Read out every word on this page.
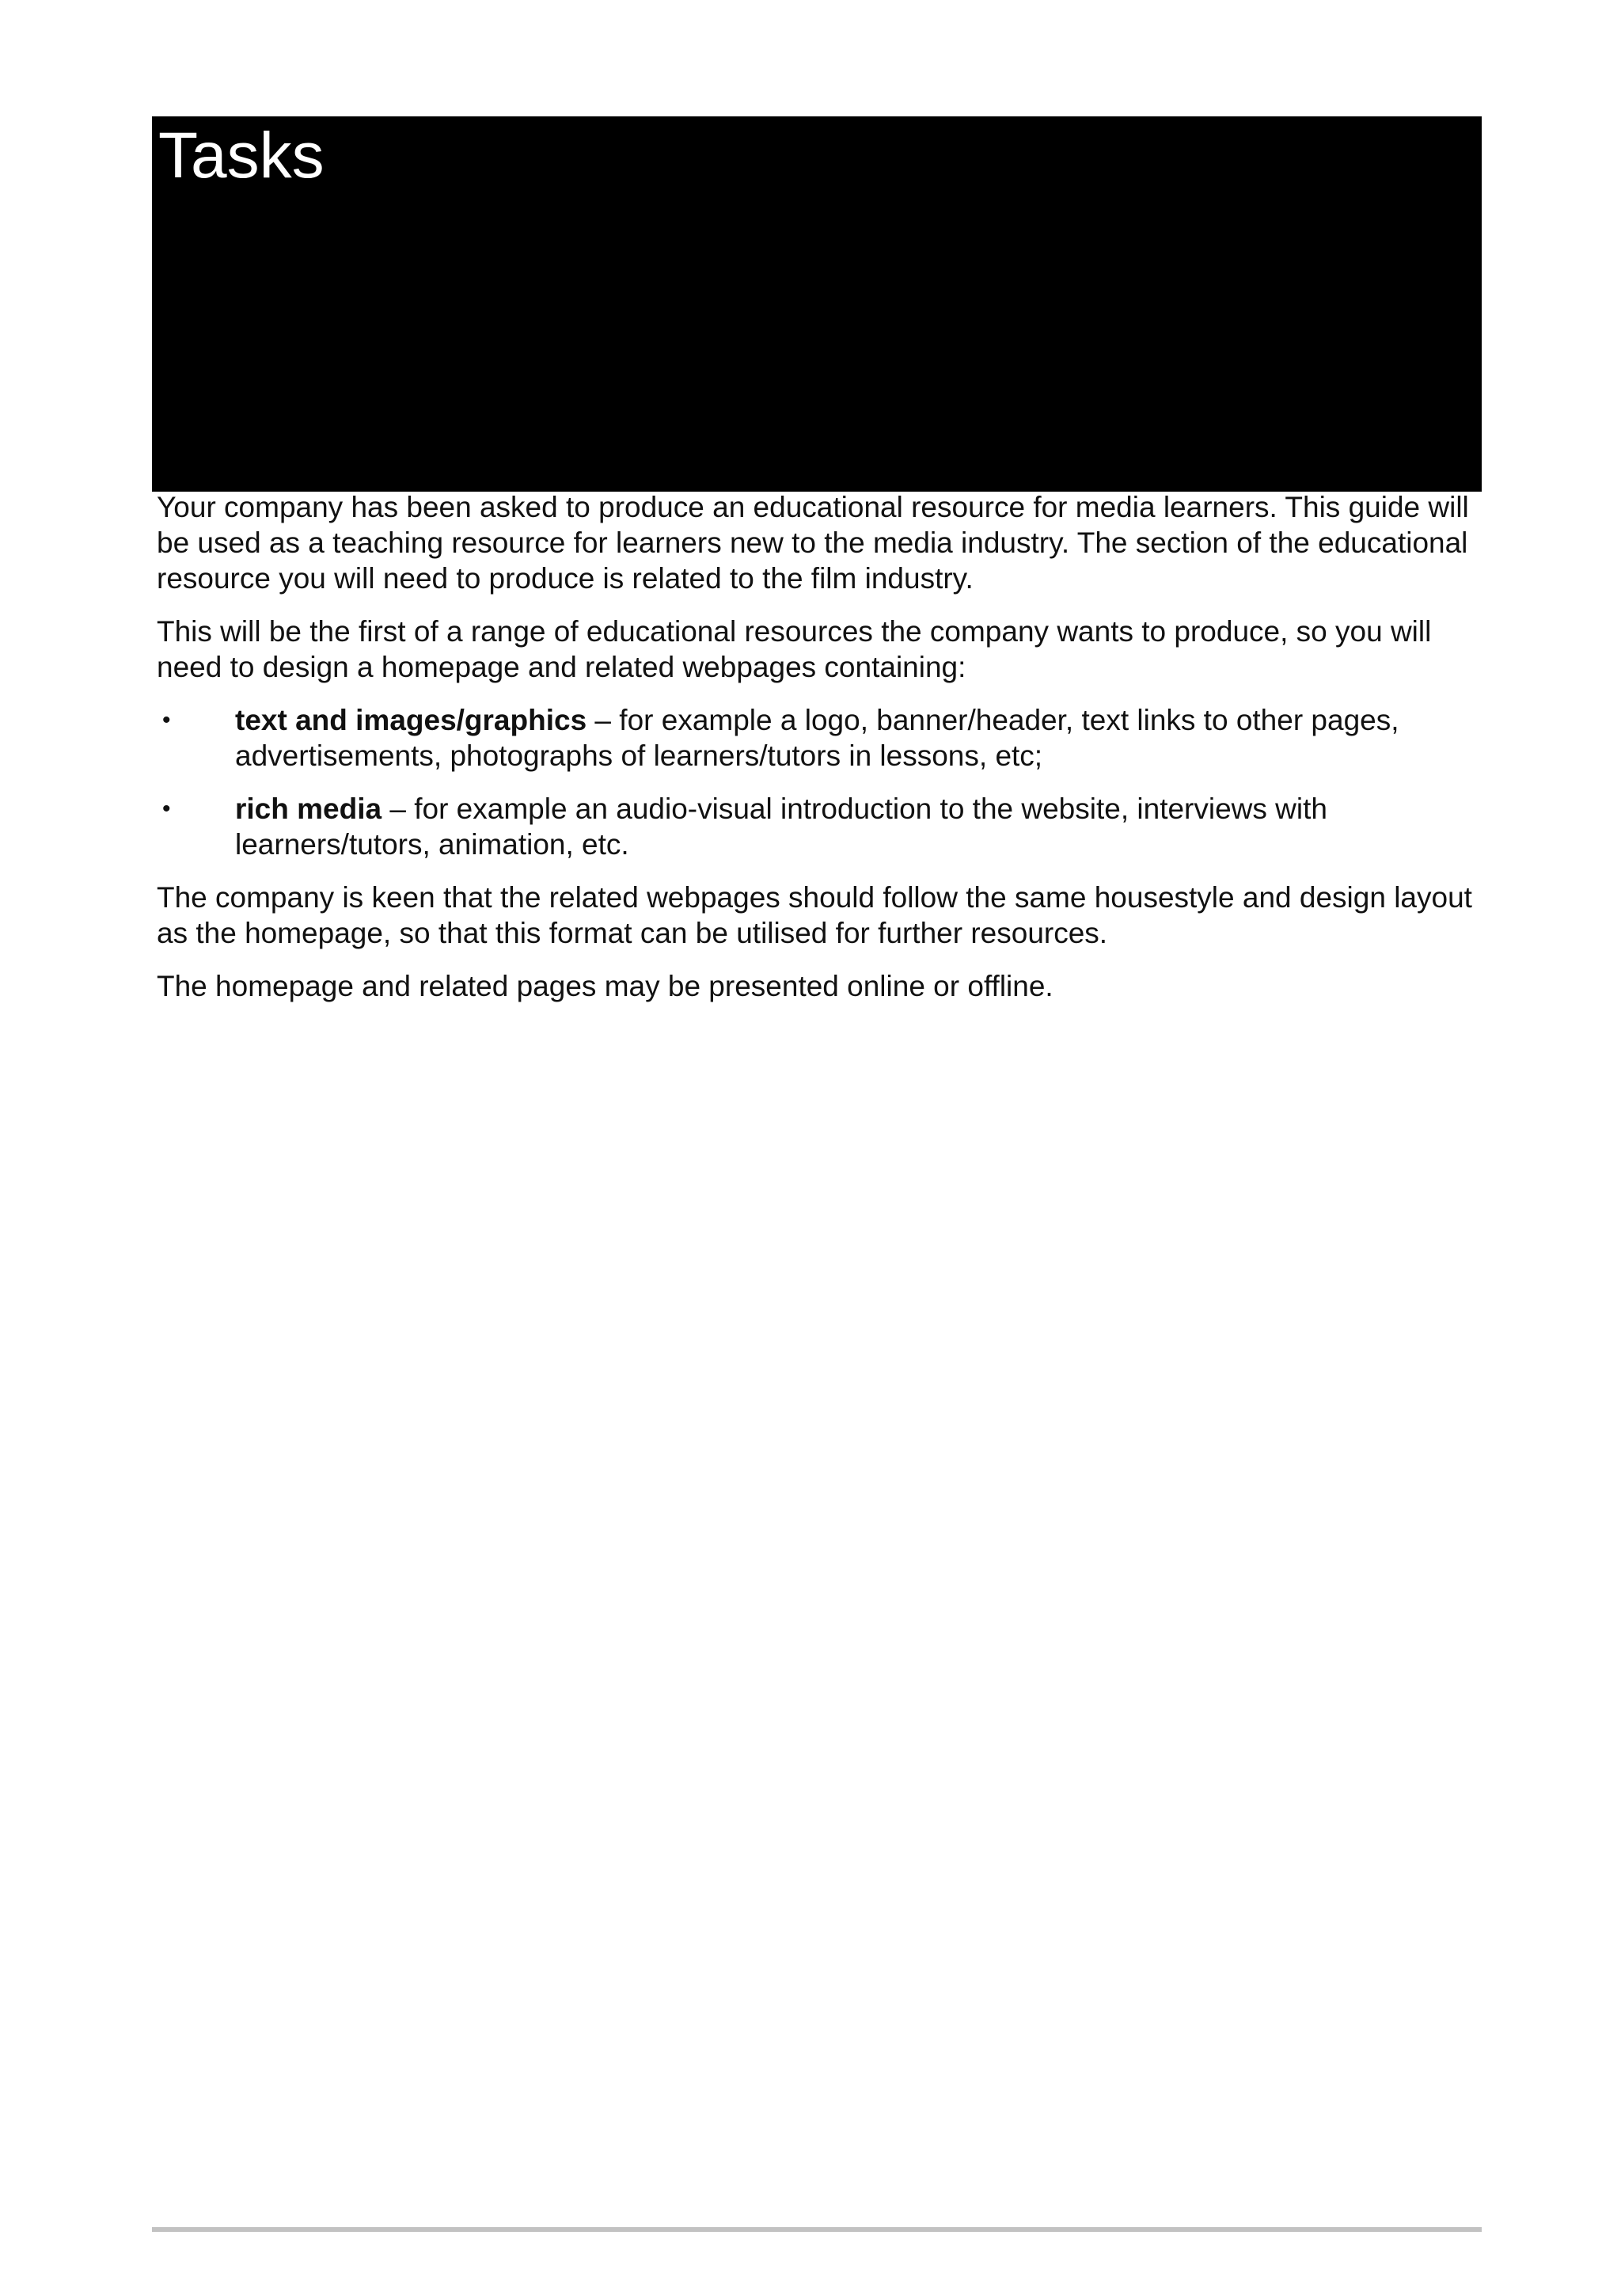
Tasks

Your company has been asked to produce an educational resource for media learners. This guide will be used as a teaching resource for learners new to the media industry. The section of the educational resource you will need to produce is related to the film industry.

This will be the first of a range of educational resources the company wants to produce, so you will need to design a homepage and related webpages containing:

• text and images/graphics – for example a logo, banner/header, text links to other pages, advertisements, photographs of learners/tutors in lessons, etc;
• rich media – for example an audio-visual introduction to the website, interviews with learners/tutors, animation, etc.

The company is keen that the related webpages should follow the same housestyle and design layout as the homepage, so that this format can be utilised for further resources.

The homepage and related pages may be presented online or offline.
